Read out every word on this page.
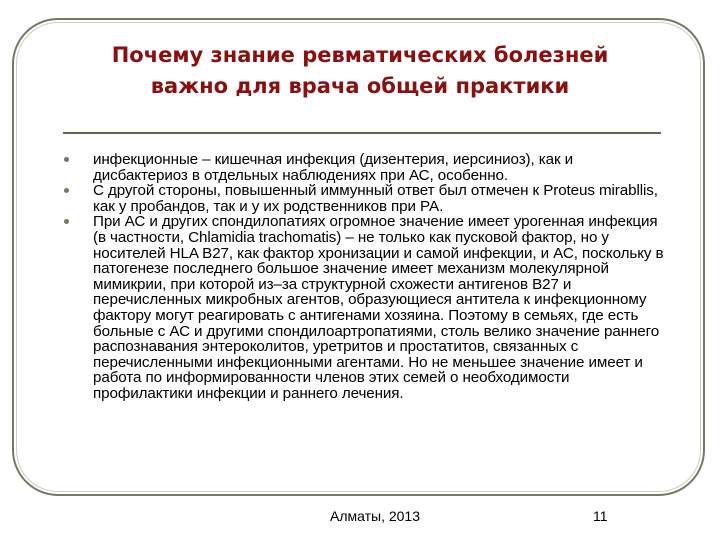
Почему знание ревматических болезней
важно для врача общей практики
инфекционные – кишечная инфекция (дизентерия, иерсиниоз), как и дисбактериоз в отдельных наблюдениях при АС, особенно.
С другой стороны, повышенный иммунный ответ был отмечен к Proteus mirabllis, как у пробандов, так и у их родственников при РА.
При АС и других спондилопатиях огромное значение имеет урогенная инфекция (в частности, Chlamidia trachomatis) – не только как пусковой фактор, но у носителей HLA B27, как фактор хронизации и самой инфекции, и АС, поскольку в патогенезе последнего большое значение имеет механизм молекулярной мимикрии, при которой из–за структурной схожести антигенов B27 и перечисленных микробных агентов, образующиеся антитела к инфекционному фактору могут реагировать с антигенами хозяина. Поэтому в семьях, где есть больные с АС и другими спондилоартропатиями, столь велико значение раннего распознавания энтероколитов, уретритов и простатитов, связанных с перечисленными инфекционными агентами. Но не меньшее значение имеет и работа по информированности членов этих семей о необходимости профилактики инфекции и раннего лечения.
Алматы, 2013	11
